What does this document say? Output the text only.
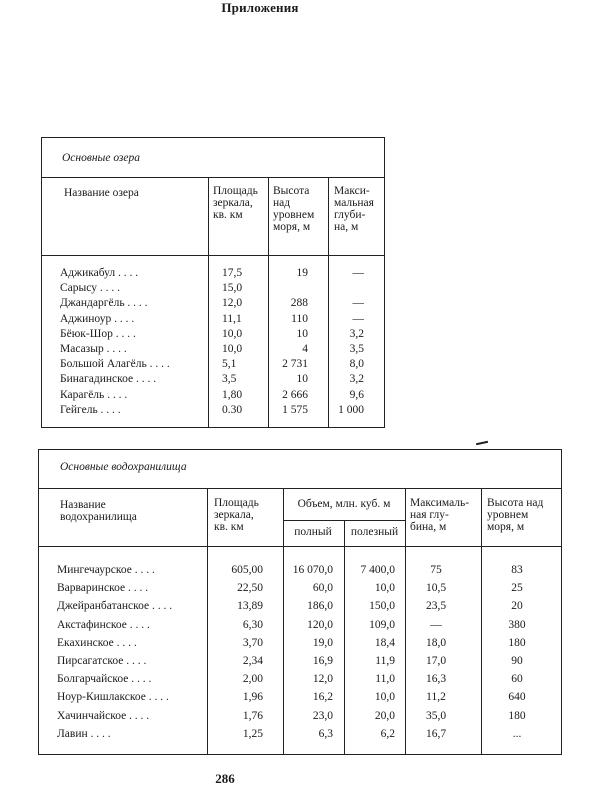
Приложения
Основные озера
Название озера	Площадь
зеркала,
кв. км
Высота
над
уровнем
моря, м
Макси-
мальная
глуби-
на, м
Аджикабул . . . .	17,5	19	—
Сарысу . . . .	15,0
Джандаргёль . . . .	12,0	288	—
Аджиноур . . . .	11,1	110	—
Бёюк-Шор . . . .	10,0	10	3,2
Масазыр . . . .	10,0	4	3,5
Большой Алагёль . . . .	5,1	2 731	8,0
Бинагадинское . . . .	3,5	10	3,2
Карагёль . . . .	1,80	2 666	9,6
Гейгель . . . .	0.30	1 575	1 000
Основные водохранилища
Название
водохранилища
Площадь
зеркала,
кв. км
Объем, млн. куб. м
полный	полезный
Максималь-
ная глу-
бина, м
Высота над
уровнем
моря, м
Мингечаурское . . . .	605,00	16 070,0	7 400,0	75	83
Варваринское . . . .	22,50	60,0	10,0	10,5	25
Джейранбатанское . . . .	13,89	186,0	150,0	23,5	20
Акстафинское . . . .	6,30	120,0	109,0	—	380
Екахинское . . . .	3,70	19,0	18,4	18,0	180
Пирсагатское . . . .	2,34	16,9	11,9	17,0	90
Болгарчайское . . . .	2,00	12,0	11,0	16,3	60
Ноур-Кишлакское . . . .	1,96	16,2	10,0	11,2	640
Хачинчайское . . . .	1,76	23,0	20,0	35,0	180
Лавин . . . .	1,25	6,3	6,2	16,7	...
286
